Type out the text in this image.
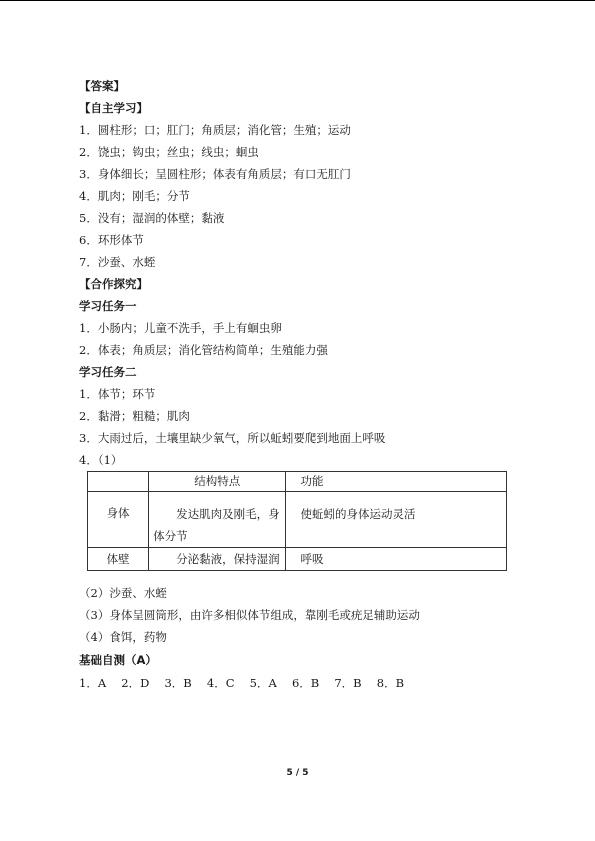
【答案】
【自主学习】
1．圆柱形；口；肛门；角质层；消化管；生殖；运动
2．饶虫；钩虫；丝虫；线虫；蛔虫
3．身体细长；呈圆柱形；体表有角质层；有口无肛门
4．肌肉；刚毛；分节
5．没有；湿润的体壁；黏液
6．环形体节
7．沙蚕、水蛭
【合作探究】
学习任务一
1．小肠内；儿童不洗手，手上有蛔虫卵
2．体表；角质层；消化管结构简单；生殖能力强
学习任务二
1．体节；环节
2．黏滑；粗糙；肌肉
3．大雨过后，土壤里缺少氧气，所以蚯蚓要爬到地面上呼吸
4．（1）
	结构特点	功能
身体	发达肌肉及刚毛，身体分节	使蚯蚓的身体运动灵活
体壁	分泌黏液，保持湿润	呼吸
（2）沙蚕、水蛭
（3）身体呈圆筒形，由许多相似体节组成，靠刚毛或疣足辅助运动
（4）食饵，药物
基础自测（A）
1．A　 2．D　 3．B　 4．C　 5．A　 6．B　 7．B　 8．B
5 / 5
